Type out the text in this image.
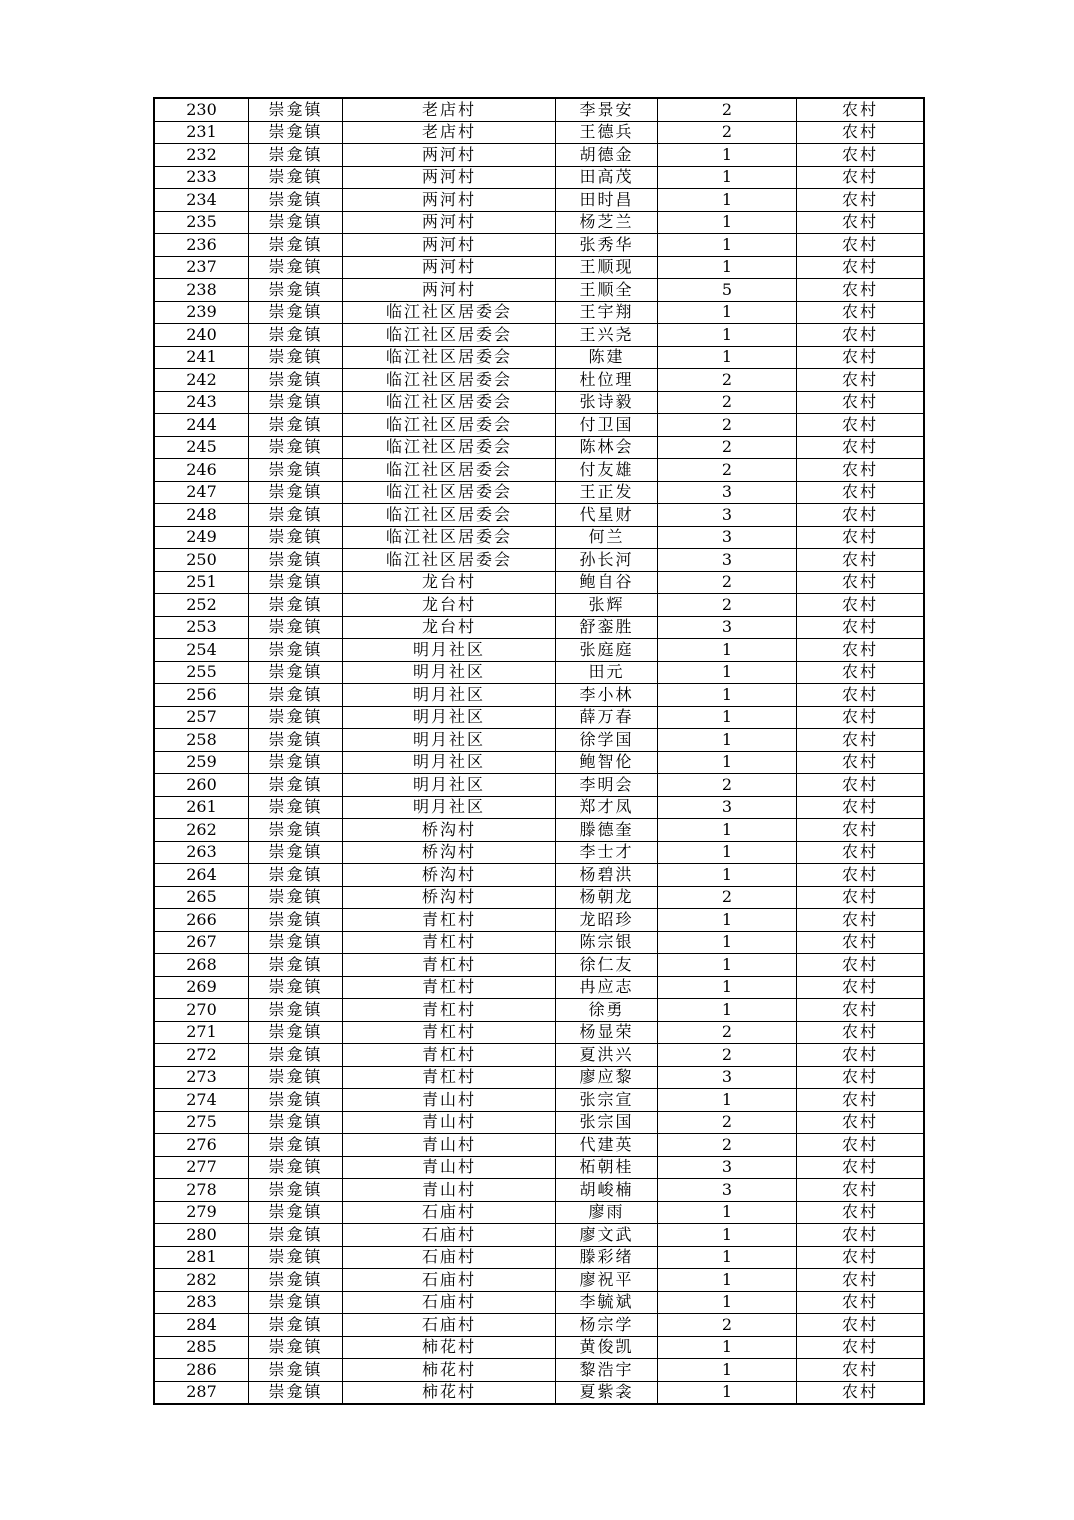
230	崇龛镇	老店村	李景安	2	农村
231	崇龛镇	老店村	王德兵	2	农村
232	崇龛镇	两河村	胡德金	1	农村
233	崇龛镇	两河村	田高茂	1	农村
234	崇龛镇	两河村	田时昌	1	农村
235	崇龛镇	两河村	杨芝兰	1	农村
236	崇龛镇	两河村	张秀华	1	农村
237	崇龛镇	两河村	王顺现	1	农村
238	崇龛镇	两河村	王顺全	5	农村
239	崇龛镇	临江社区居委会	王宇翔	1	农村
240	崇龛镇	临江社区居委会	王兴尧	1	农村
241	崇龛镇	临江社区居委会	陈建	1	农村
242	崇龛镇	临江社区居委会	杜位理	2	农村
243	崇龛镇	临江社区居委会	张诗毅	2	农村
244	崇龛镇	临江社区居委会	付卫国	2	农村
245	崇龛镇	临江社区居委会	陈林会	2	农村
246	崇龛镇	临江社区居委会	付友雄	2	农村
247	崇龛镇	临江社区居委会	王正发	3	农村
248	崇龛镇	临江社区居委会	代星财	3	农村
249	崇龛镇	临江社区居委会	何兰	3	农村
250	崇龛镇	临江社区居委会	孙长河	3	农村
251	崇龛镇	龙台村	鲍自谷	2	农村
252	崇龛镇	龙台村	张辉	2	农村
253	崇龛镇	龙台村	舒銮胜	3	农村
254	崇龛镇	明月社区	张庭庭	1	农村
255	崇龛镇	明月社区	田元	1	农村
256	崇龛镇	明月社区	李小林	1	农村
257	崇龛镇	明月社区	薛万春	1	农村
258	崇龛镇	明月社区	徐学国	1	农村
259	崇龛镇	明月社区	鲍智伦	1	农村
260	崇龛镇	明月社区	李明会	2	农村
261	崇龛镇	明月社区	郑才凤	3	农村
262	崇龛镇	桥沟村	滕德奎	1	农村
263	崇龛镇	桥沟村	李士才	1	农村
264	崇龛镇	桥沟村	杨碧洪	1	农村
265	崇龛镇	桥沟村	杨朝龙	2	农村
266	崇龛镇	青杠村	龙昭珍	1	农村
267	崇龛镇	青杠村	陈宗银	1	农村
268	崇龛镇	青杠村	徐仁友	1	农村
269	崇龛镇	青杠村	冉应志	1	农村
270	崇龛镇	青杠村	徐勇	1	农村
271	崇龛镇	青杠村	杨显荣	2	农村
272	崇龛镇	青杠村	夏洪兴	2	农村
273	崇龛镇	青杠村	廖应黎	3	农村
274	崇龛镇	青山村	张宗宣	1	农村
275	崇龛镇	青山村	张宗国	2	农村
276	崇龛镇	青山村	代建英	2	农村
277	崇龛镇	青山村	柘朝桂	3	农村
278	崇龛镇	青山村	胡峻楠	3	农村
279	崇龛镇	石庙村	廖雨	1	农村
280	崇龛镇	石庙村	廖文武	1	农村
281	崇龛镇	石庙村	滕彩绪	1	农村
282	崇龛镇	石庙村	廖祝平	1	农村
283	崇龛镇	石庙村	李毓斌	1	农村
284	崇龛镇	石庙村	杨宗学	2	农村
285	崇龛镇	柿花村	黄俊凯	1	农村
286	崇龛镇	柿花村	黎浩宇	1	农村
287	崇龛镇	柿花村	夏紫衾	1	农村
